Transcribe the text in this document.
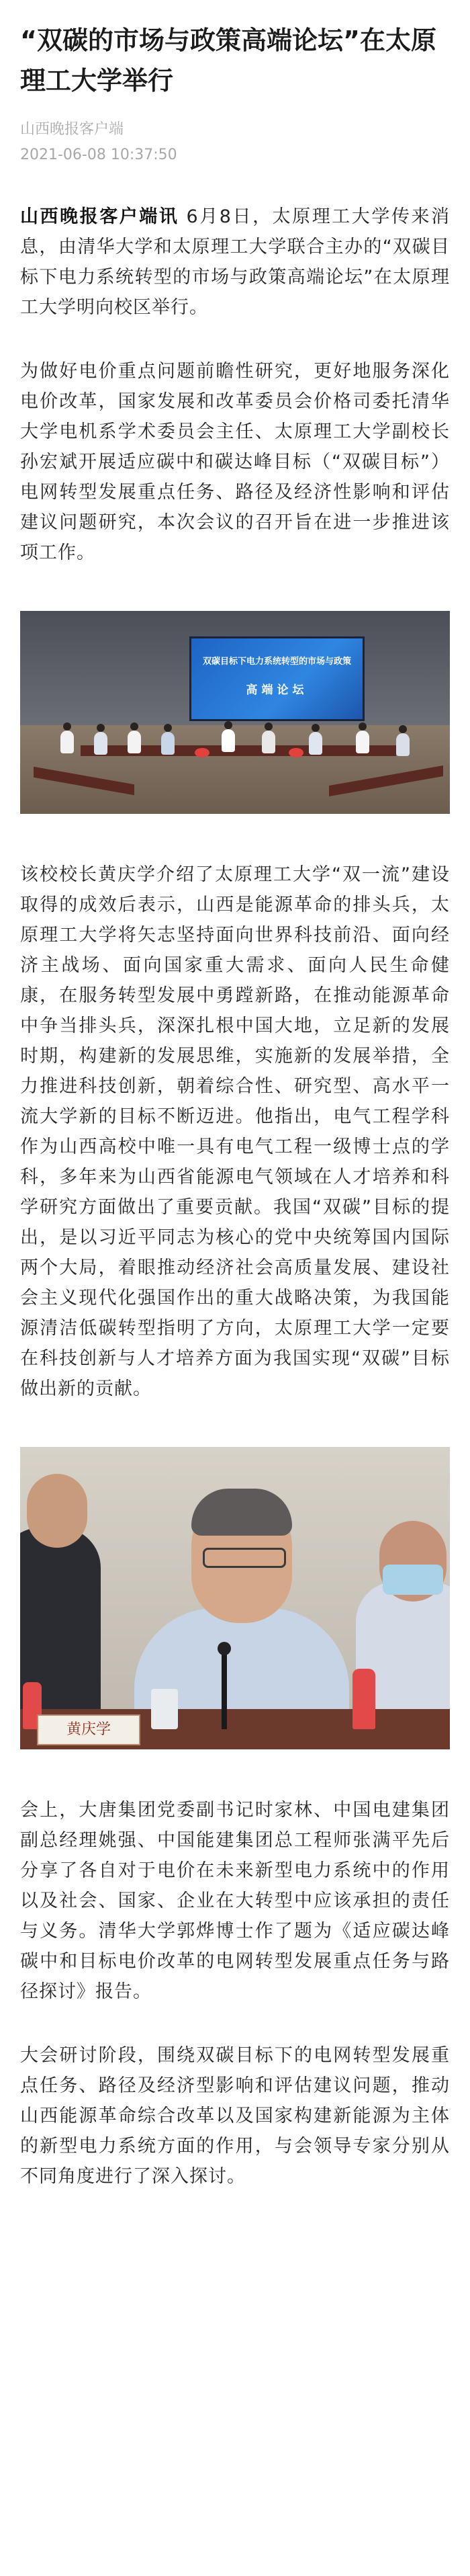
“双碳的市场与政策高端论坛”在太原理工大学举行
山西晚报客户端
2021-06-08 10:37:50

山西晚报客户端讯 6月8日，太原理工大学传来消息，由清华大学和太原理工大学联合主办的“双碳目标下电力系统转型的市场与政策高端论坛”在太原理工大学明向校区举行。

为做好电价重点问题前瞻性研究，更好地服务深化电价改革，国家发展和改革委员会价格司委托清华大学电机系学术委员会主任、太原理工大学副校长孙宏斌开展适应碳中和碳达峰目标（“双碳目标”）电网转型发展重点任务、路径及经济性影响和评估建议问题研究，本次会议的召开旨在进一步推进该项工作。

双碳目标下电力系统转型的市场与政策
高端论坛

该校校长黄庆学介绍了太原理工大学“双一流”建设取得的成效后表示，山西是能源革命的排头兵，太原理工大学将矢志坚持面向世界科技前沿、面向经济主战场、面向国家重大需求、面向人民生命健康，在服务转型发展中勇蹚新路，在推动能源革命中争当排头兵，深深扎根中国大地，立足新的发展时期，构建新的发展思维，实施新的发展举措，全力推进科技创新，朝着综合性、研究型、高水平一流大学新的目标不断迈进。他指出，电气工程学科作为山西高校中唯一具有电气工程一级博士点的学科，多年来为山西省能源电气领域在人才培养和科学研究方面做出了重要贡献。我国“双碳”目标的提出，是以习近平同志为核心的党中央统筹国内国际两个大局，着眼推动经济社会高质量发展、建设社会主义现代化强国作出的重大战略决策，为我国能源清洁低碳转型指明了方向，太原理工大学一定要在科技创新与人才培养方面为我国实现“双碳”目标做出新的贡献。

黄庆学

会上，大唐集团党委副书记时家林、中国电建集团副总经理姚强、中国能建集团总工程师张满平先后分享了各自对于电价在未来新型电力系统中的作用以及社会、国家、企业在大转型中应该承担的责任与义务。清华大学郭烨博士作了题为《适应碳达峰碳中和目标电价改革的电网转型发展重点任务与路径探讨》报告。

大会研讨阶段，围绕双碳目标下的电网转型发展重点任务、路径及经济型影响和评估建议问题，推动山西能源革命综合改革以及国家构建新能源为主体的新型电力系统方面的作用，与会领导专家分别从不同角度进行了深入探讨。
